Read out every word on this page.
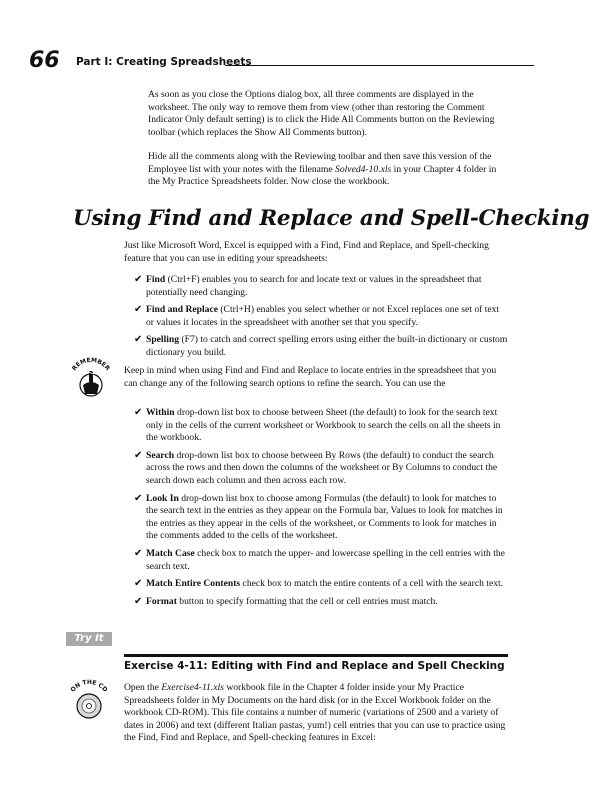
66 Part I: Creating Spreadsheets

As soon as you close the Options dialog box, all three comments are displayed in the worksheet. The only way to remove them from view (other than restoring the Comment Indicator Only default setting) is to click the Hide All Comments button on the Reviewing toolbar (which replaces the Show All Comments button).

Hide all the comments along with the Reviewing toolbar and then save this version of the Employee list with your notes with the filename Solved4-10.xls in your Chapter 4 folder in the My Practice Spreadsheets folder. Now close the workbook.

Using Find and Replace and Spell-Checking

Just like Microsoft Word, Excel is equipped with a Find, Find and Replace, and Spell-checking feature that you can use in editing your spreadsheets:

✔ Find (Ctrl+F) enables you to search for and locate text or values in the spreadsheet that potentially need changing.
✔ Find and Replace (Ctrl+H) enables you select whether or not Excel replaces one set of text or values it locates in the spreadsheet with another set that you specify.
✔ Spelling (F7) to catch and correct spelling errors using either the built-in dictionary or custom dictionary you build.
REMEMBER Keep in mind when using Find and Find and Replace to locate entries in the spreadsheet that you can change any of the following search options to refine the search. You can use the

✔ Within drop-down list box to choose between Sheet (the default) to look for the search text only in the cells of the current worksheet or Workbook to search the cells on all the sheets in the workbook.
✔ Search drop-down list box to choose between By Rows (the default) to conduct the search across the rows and then down the columns of the worksheet or By Columns to conduct the search down each column and then across each row.
✔ Look In drop-down list box to choose among Formulas (the default) to look for matches to the search text in the entries as they appear on the Formula bar, Values to look for matches in the entries as they appear in the cells of the worksheet, or Comments to look for matches in the comments added to the cells of the worksheet.
✔ Match Case check box to match the upper- and lowercase spelling in the cell entries with the search text.
✔ Match Entire Contents check box to match the entire contents of a cell with the search text.
✔ Format button to specify formatting that the cell or cell entries must match.
Try It
Exercise 4-11: Editing with Find and Replace and Spell Checking
ON THE CD Open the Exercise4-11.xls workbook file in the Chapter 4 folder inside your My Practice Spreadsheets folder in My Documents on the hard disk (or in the Excel Workbook folder on the workbook CD-ROM). This file contains a number of numeric (variations of 2500 and a variety of dates in 2006) and text (different Italian pastas, yum!) cell entries that you can use to practice using the Find, Find and Replace, and Spell-checking features in Excel:
